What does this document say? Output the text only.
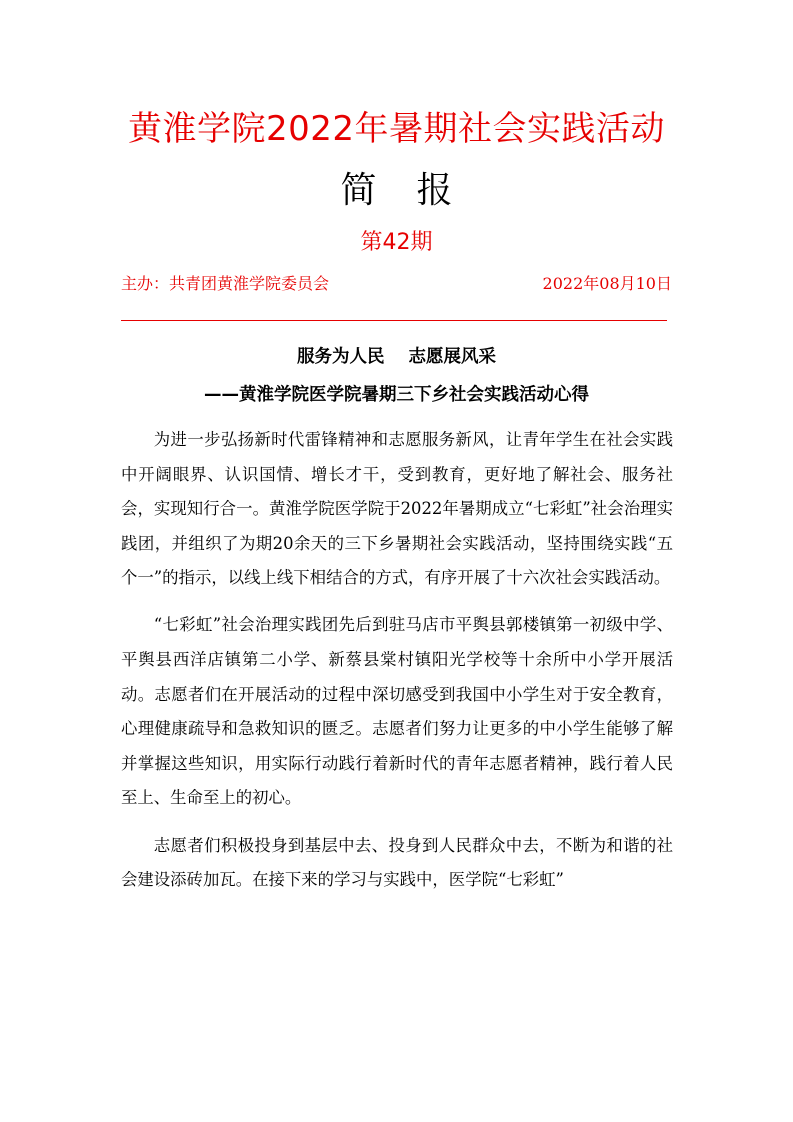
黄淮学院2022年暑期社会实践活动
简 报
第42期
主办：共青团黄淮学院委员会	2022年08月10日
服务为人民 志愿展风采
——黄淮学院医学院暑期三下乡社会实践活动心得

为进一步弘扬新时代雷锋精神和志愿服务新风，让青年学生在社会实践中开阔眼界、认识国情、增长才干，受到教育，更好地了解社会、服务社会，实现知行合一。黄淮学院医学院于2022年暑期成立“七彩虹”社会治理实践团，并组织了为期20余天的三下乡暑期社会实践活动，坚持围绕实践“五个一”的指示，以线上线下相结合的方式，有序开展了十六次社会实践活动。

“七彩虹”社会治理实践团先后到驻马店市平舆县郭楼镇第一初级中学、平舆县西洋店镇第二小学、新蔡县棠村镇阳光学校等十余所中小学开展活动。志愿者们在开展活动的过程中深切感受到我国中小学生对于安全教育，心理健康疏导和急救知识的匮乏。志愿者们努力让更多的中小学生能够了解并掌握这些知识，用实际行动践行着新时代的青年志愿者精神，践行着人民至上、生命至上的初心。

志愿者们积极投身到基层中去、投身到人民群众中去，不断为和谐的社会建设添砖加瓦。在接下来的学习与实践中，医学院“七彩虹”
